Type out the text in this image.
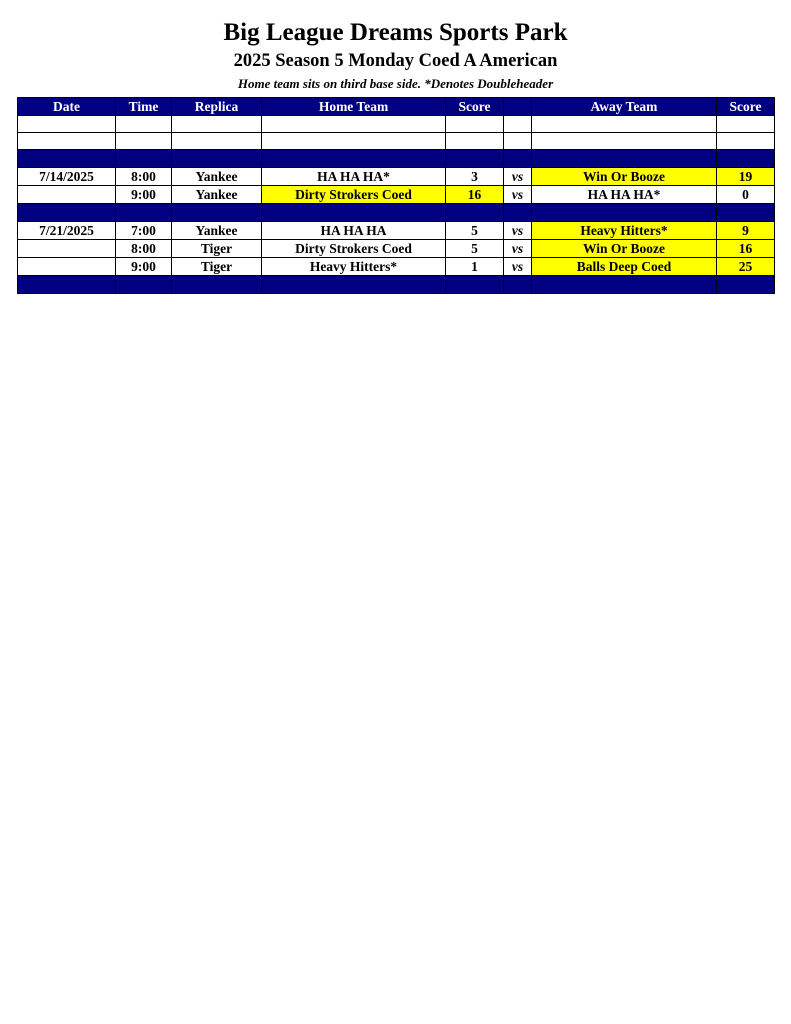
Big League Dreams Sports Park
2025 Season 5 Monday Coed A American
Home team sits on third base side. *Denotes Doubleheader
Date	Time	Replica	Home Team	Score		Away Team	Score

7/14/2025	8:00	Yankee	HA HA HA*	3	vs	Win Or Booze	19
	9:00	Yankee	Dirty Strokers Coed	16	vs	HA HA HA*	0

7/21/2025	7:00	Yankee	HA HA HA	5	vs	Heavy Hitters*	9
	8:00	Tiger	Dirty Strokers Coed	5	vs	Win Or Booze	16
	9:00	Tiger	Heavy Hitters*	1	vs	Balls Deep Coed	25
